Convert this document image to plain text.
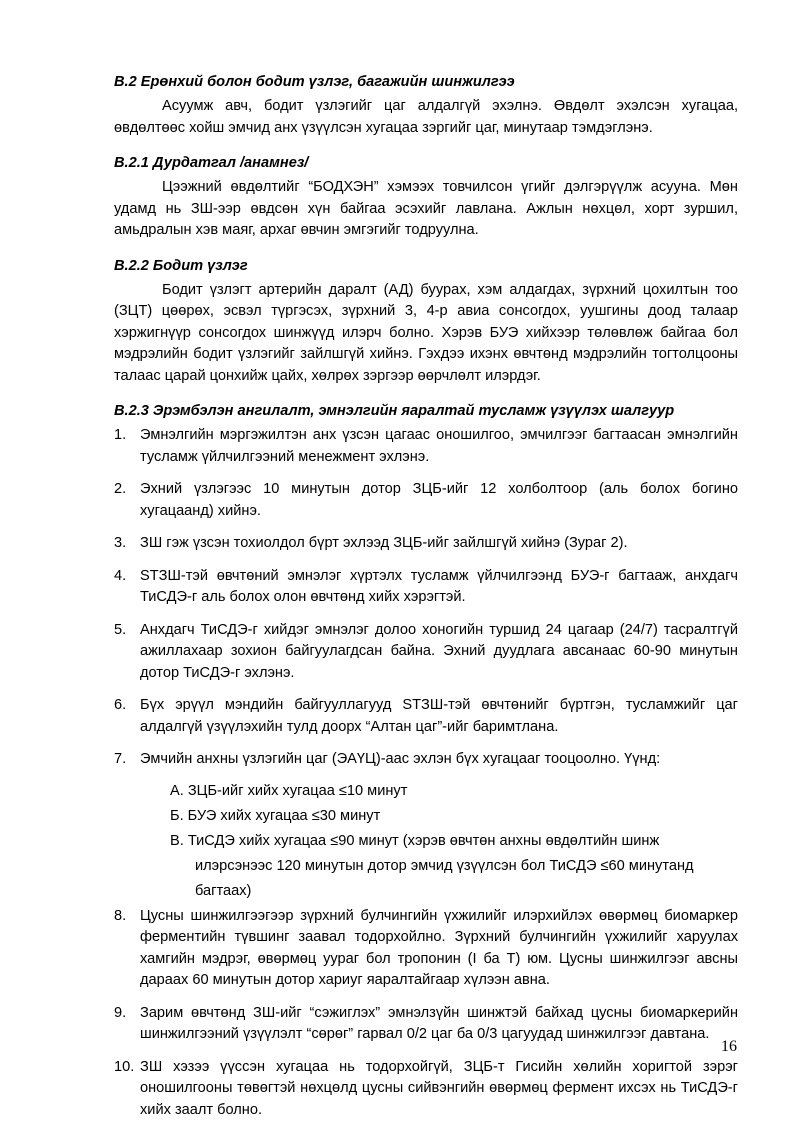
B.2 Ерөнхий болон бодит үзлэг, багажийн шинжилгээ

Асуумж авч, бодит үзлэгийг цаг алдалгүй эхэлнэ. Өвдөлт эхэлсэн хугацаа, өвдөлтөөс хойш эмчид анх үзүүлсэн хугацаа зэргийг цаг, минутаар тэмдэглэнэ.

B.2.1 Дурдатгал /анамнез/

Цээжний өвдөлтийг “БОДХЭН” хэмээх товчилсон үгийг дэлгэрүүлж асууна. Мөн удамд нь ЗШ-ээр өвдсөн хүн байгаа эсэхийг лавлана. Ажлын нөхцөл, хорт зуршил, амьдралын хэв маяг, архаг өвчин эмгэгийг тодруулна.

B.2.2 Бодит үзлэг

Бодит үзлэгт артерийн даралт (АД) буурах, хэм алдагдах, зүрхний цохилтын тоо (ЗЦТ) цөөрөх, эсвэл түргэсэх, зүрхний 3, 4-р авиа сонсогдох, уушгины доод талаар хэржигнүүр сонсогдох шинжүүд илэрч болно. Хэрэв БУЭ хийхээр төлөвлөж байгаа бол мэдрэлийн бодит үзлэгийг зайлшгүй хийнэ. Гэхдээ ихэнх өвчтөнд мэдрэлийн тогтолцооны талаас царай цонхийж цайх, хөлрөх зэргээр өөрчлөлт илэрдэг.

B.2.3 Эрэмбэлэн ангилалт, эмнэлгийн яаралтай тусламж үзүүлэх шалгуур
1. Эмнэлгийн мэргэжилтэн анх үзсэн цагаас оношилгоо, эмчилгээг багтаасан эмнэлгийн тусламж үйлчилгээний менежмент эхлэнэ.
2. Эхний үзлэгээс 10 минутын дотор ЗЦБ-ийг 12 холболтоор (аль болох богино хугацаанд) хийнэ.
3. ЗШ гэж үзсэн тохиолдол бүрт эхлээд ЗЦБ-ийг зайлшгүй хийнэ (Зураг 2).
4. STЗШ-тэй өвчтөний эмнэлэг хүртэлх тусламж үйлчилгээнд БУЭ-г багтааж, анхдагч ТиСДЭ-г аль болох олон өвчтөнд хийх хэрэгтэй.
5. Анхдагч ТиСДЭ-г хийдэг эмнэлэг долоо хоногийн туршид 24 цагаар (24/7) тасралтгүй ажиллахаар зохион байгуулагдсан байна. Эхний дуудлага авсанаас 60-90 минутын дотор ТиСДЭ-г эхлэнэ.
6. Бүх эрүүл мэндийн байгууллагууд STЗШ-тэй өвчтөнийг бүртгэн, тусламжийг цаг алдалгүй үзүүлэхийн тулд доорх “Алтан цаг”-ийг баримтлана.
7. Эмчийн анхны үзлэгийн цаг (ЭАҮЦ)-аас эхлэн бүх хугацааг тооцоолно. Үүнд:
А. ЗЦБ-ийг хийх хугацаа ≤10 минут
Б. БУЭ хийх хугацаа ≤30 минут
В. ТиСДЭ хийх хугацаа ≤90 минут (хэрэв өвчтөн анхны өвдөлтийн шинж илэрсэнээс 120 минутын дотор эмчид үзүүлсэн бол ТиСДЭ ≤60 минутанд багтаах)
8. Цусны шинжилгээгээр зүрхний булчингийн үхжилийг илэрхийлэх өвөрмөц биомаркер ферментийн түвшинг заавал тодорхойлно. Зүрхний булчингийн үхжилийг харуулах хамгийн мэдрэг, өвөрмөц уураг бол тропонин (I ба T) юм. Цусны шинжилгээг авсны дараах 60 минутын дотор хариуг яаралтайгаар хүлээн авна.
9. Зарим өвчтөнд ЗШ-ийг “сэжиглэх” эмнэлзүйн шинжтэй байхад цусны биомаркерийн шинжилгээний үзүүлэлт “сөрөг” гарвал 0/2 цаг ба 0/3 цагуудад шинжилгээг давтана.
10. ЗШ хэзээ үүссэн хугацаа нь тодорхойгүй, ЗЦБ-т Гисийн хөлийн хоригтой зэрэг оношилгооны төвөгтэй нөхцөлд цусны сийвэнгийн өвөрмөц фермент ихсэх нь ТиСДЭ-г хийх заалт болно.
16
